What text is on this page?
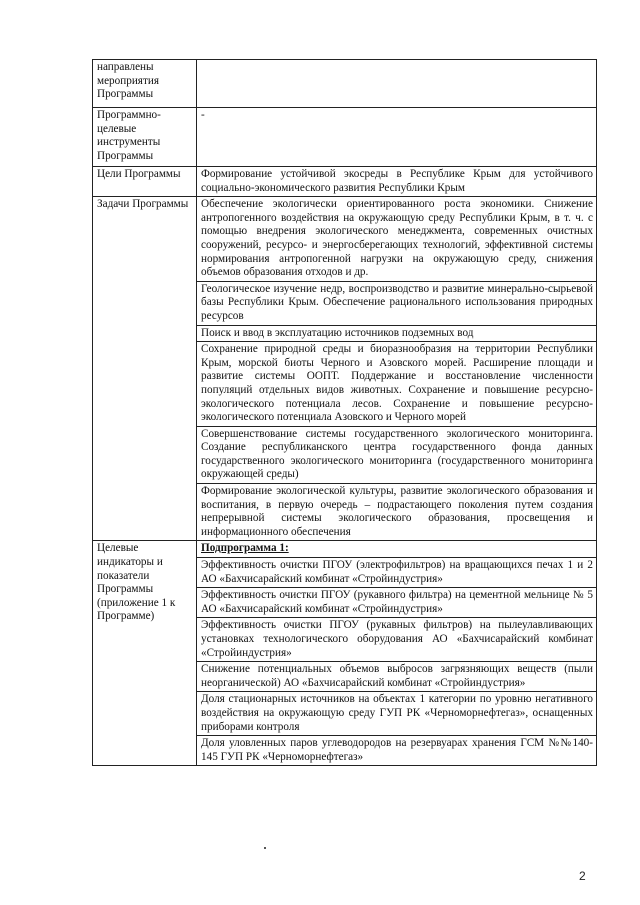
направлены мероприятия Программы	
Программно-целевые инструменты Программы	-
Цели Программы	Формирование устойчивой экосреды в Республике Крым для устойчивого социально-экономического развития Республики Крым
Задачи Программы	Обеспечение экологически ориентированного роста экономики. Снижение антропогенного воздействия на окружающую среду Республики Крым, в т. ч. с помощью внедрения экологического менеджмента, современных очистных сооружений, ресурсо- и энергосберегающих технологий, эффективной системы нормирования антропогенной нагрузки на окружающую среду, снижения объемов образования отходов и др.
	Геологическое изучение недр, воспроизводство и развитие минерально-сырьевой базы Республики Крым. Обеспечение рационального использования природных ресурсов
	Поиск и ввод в эксплуатацию источников подземных вод
	Сохранение природной среды и биоразнообразия на территории Республики Крым, морской биоты Черного и Азовского морей. Расширение площади и развитие системы ООПТ. Поддержание и восстановление численности популяций отдельных видов животных. Сохранение и повышение ресурсно-экологического потенциала лесов. Сохранение и повышение ресурсно-экологического потенциала Азовского и Черного морей
	Совершенствование системы государственного экологического мониторинга. Создание республиканского центра государственного фонда данных государственного экологического мониторинга (государственного мониторинга окружающей среды)
	Формирование экологической культуры, развитие экологического образования и воспитания, в первую очередь – подрастающего поколения путем создания непрерывной системы экологического образования, просвещения и информационного обеспечения
Целевые индикаторы и показатели Программы (приложение 1 к Программе)	Подпрограмма 1:
	Эффективность очистки ПГОУ (электрофильтров) на вращающихся печах 1 и 2 АО «Бахчисарайский комбинат «Стройиндустрия»
	Эффективность очистки ПГОУ (рукавного фильтра) на цементной мельнице № 5 АО «Бахчисарайский комбинат «Стройиндустрия»
	Эффективность очистки ПГОУ (рукавных фильтров) на пылеулавливающих установках технологического оборудования АО «Бахчисарайский комбинат «Стройиндустрия»
	Снижение потенциальных объемов выбросов загрязняющих веществ (пыли неорганической) АО «Бахчисарайский комбинат «Стройиндустрия»
	Доля стационарных источников на объектах 1 категории по уровню негативного воздействия на окружающую среду ГУП РК «Черноморнефтегаз», оснащенных приборами контроля
	Доля уловленных паров углеводородов на резервуарах хранения ГСМ №№140-145 ГУП РК «Черноморнефтегаз»
2
